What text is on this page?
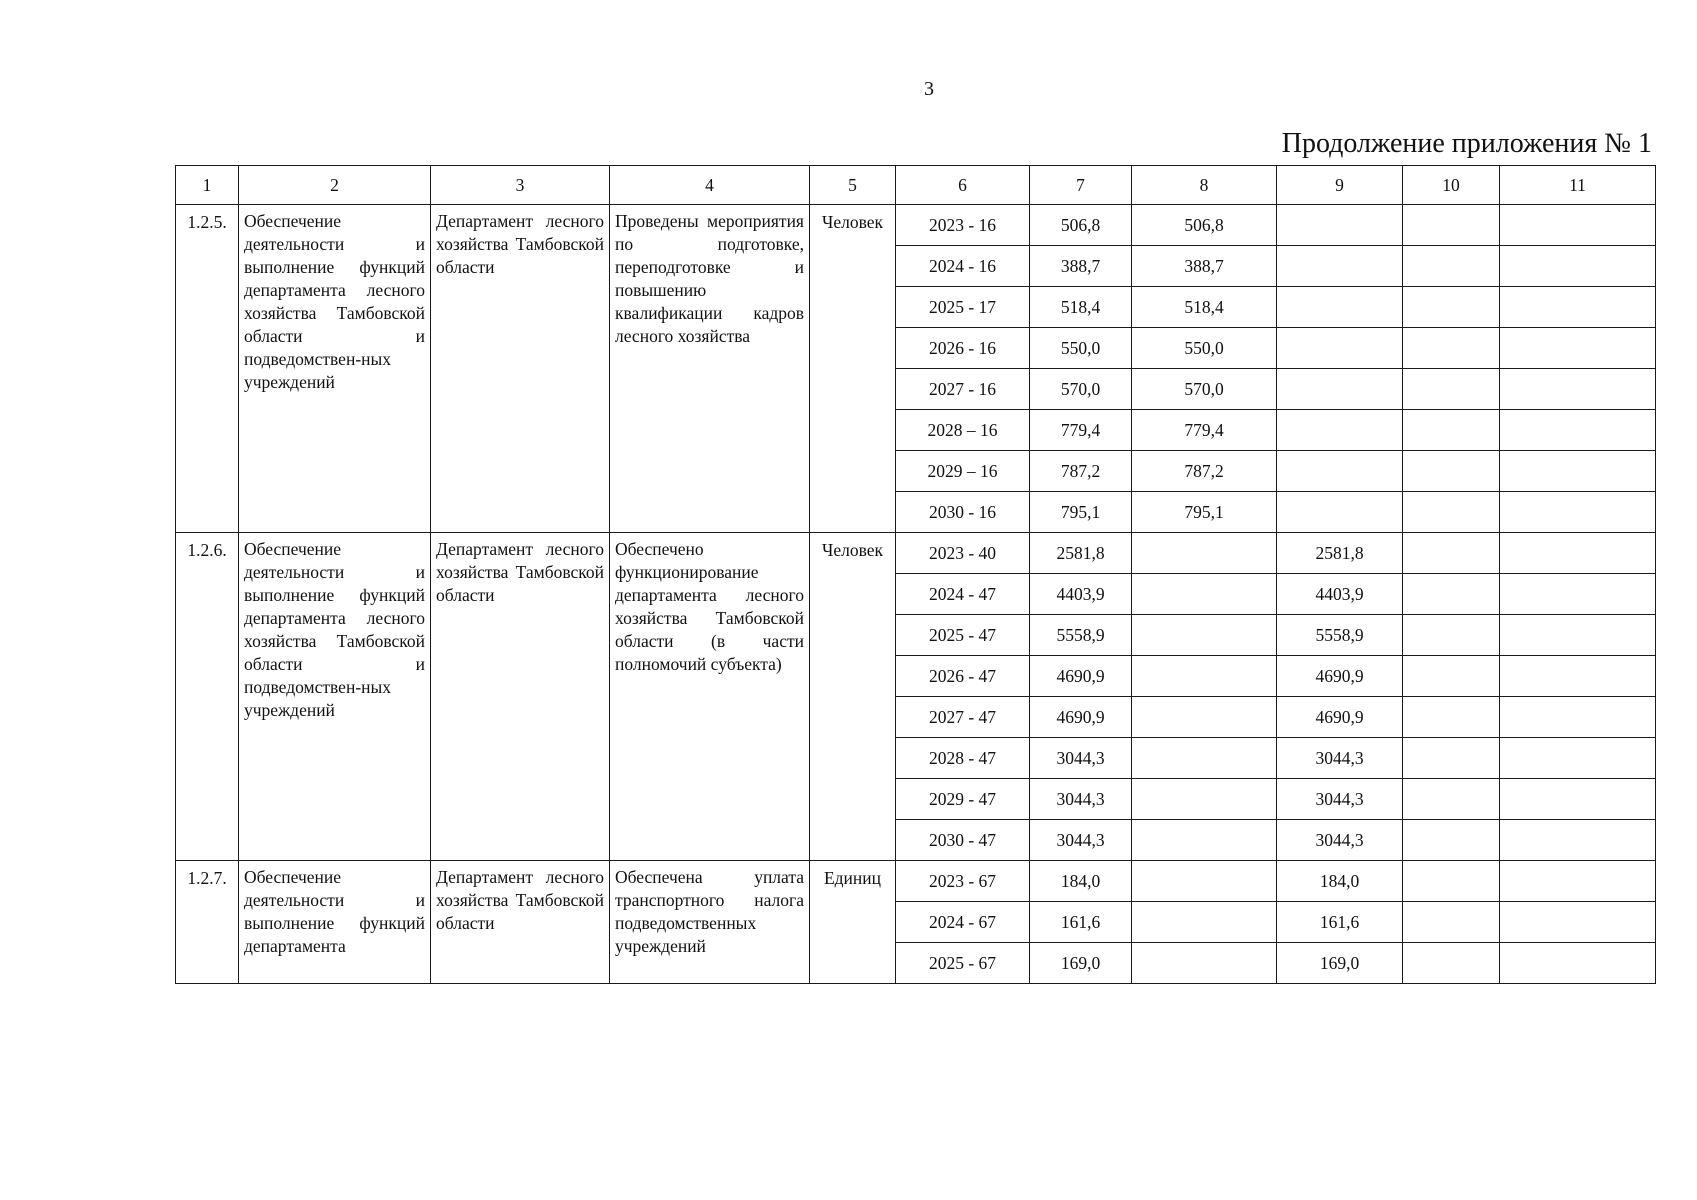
3
Продолжение приложения № 1
1	2	3	4	5	6	7	8	9	10	11
1.2.5.	Обеспечение деятельности и выполнение функций департамента лесного хозяйства Тамбовской области и подведомствен-ных учреждений	Департамент лесного хозяйства Тамбовской области	Проведены мероприятия по подготовке, переподготовке и повышению квалификации кадров лесного хозяйства	Человек	2023 - 16	506,8	506,8			
					2024 - 16	388,7	388,7			
					2025 - 17	518,4	518,4			
					2026 - 16	550,0	550,0			
					2027 - 16	570,0	570,0			
					2028 – 16	779,4	779,4			
					2029 – 16	787,2	787,2			
					2030 - 16	795,1	795,1			
1.2.6.	Обеспечение деятельности и выполнение функций департамента лесного хозяйства Тамбовской области и подведомствен-ных учреждений	Департамент лесного хозяйства Тамбовской области	Обеспечено функционирование департамента лесного хозяйства Тамбовской области (в части полномочий субъекта)	Человек	2023 - 40	2581,8		2581,8		
					2024 - 47	4403,9		4403,9		
					2025 - 47	5558,9		5558,9		
					2026 - 47	4690,9		4690,9		
					2027 - 47	4690,9		4690,9		
					2028 - 47	3044,3		3044,3		
					2029 - 47	3044,3		3044,3		
					2030 - 47	3044,3		3044,3		
1.2.7.	Обеспечение деятельности и выполнение функций департамента	Департамент лесного хозяйства Тамбовской области	Обеспечена уплата транспортного налога подведомственных учреждений	Единиц	2023 - 67	184,0		184,0		
					2024 - 67	161,6		161,6		
					2025 - 67	169,0		169,0		
